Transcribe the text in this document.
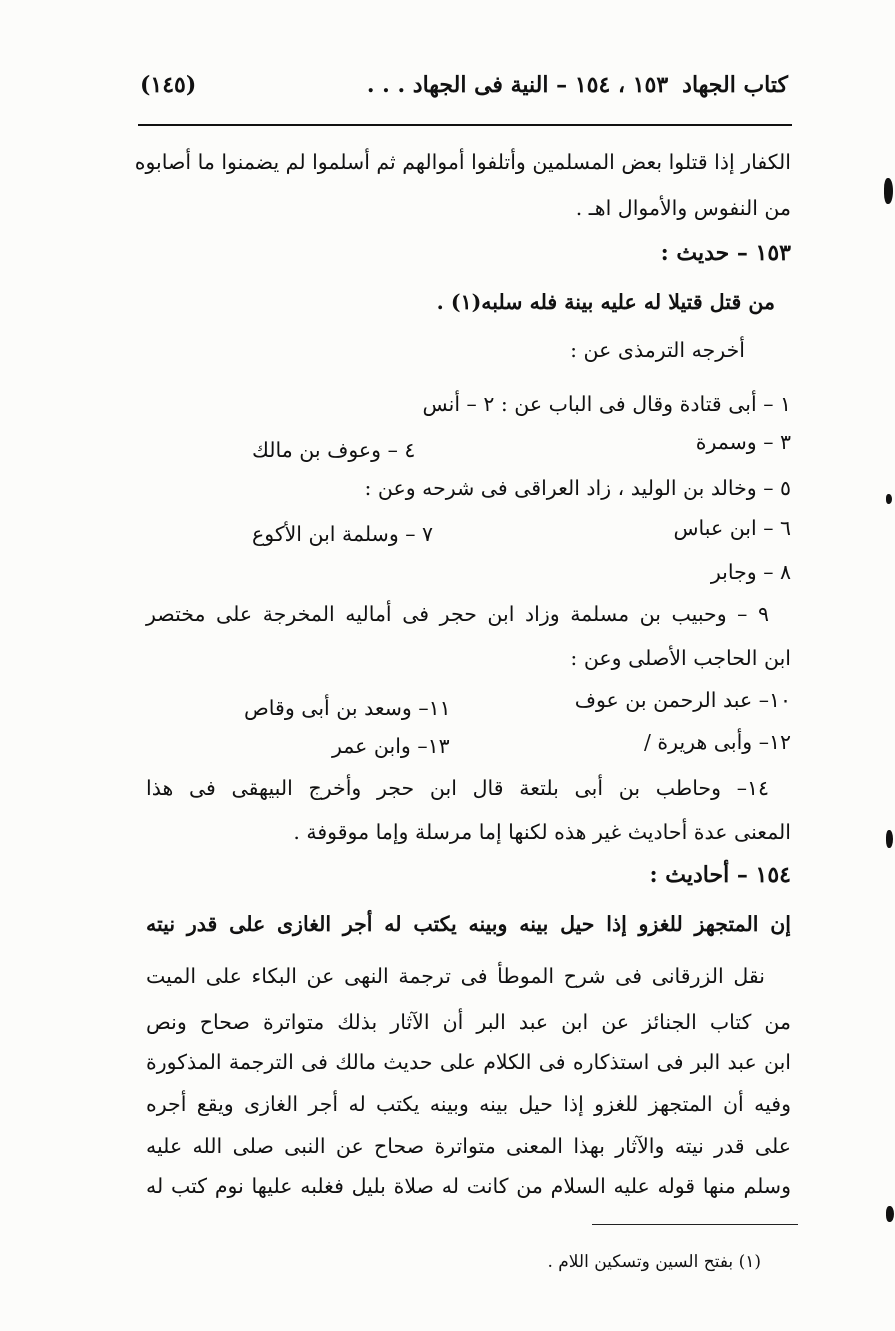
كتاب الجهاد
١٥٣ ، ١٥٤ – النية فى الجهاد . . .
(١٤٥)
الكفار إذا قتلوا بعض المسلمين وأتلفوا أموالهم ثم أسلموا لم يضمنوا ما أصابوه
من النفوس والأموال اهـ .
١٥٣ – حديث :
من قتل قتيلا له عليه بينة فله سلبه(١) .
أخرجه الترمذى عن :
١ – أبى قتادة وقال فى الباب عن : ٢ – أنس
٣ – وسمرة
٤ – وعوف بن مالك
٥ – وخالد بن الوليد ، زاد العراقى فى شرحه وعن :
٦ – ابن عباس
٧ – وسلمة ابن الأكوع
٨ – وجابر
٩ – وحبيب بن مسلمة وزاد ابن حجر فى أماليه المخرجة على مختصر
ابن الحاجب الأصلى وعن :
١٠– عبد الرحمن بن عوف
١١– وسعد بن أبى وقاص
١٢– وأبى هريرة /
١٣– وابن عمر
١٤– وحاطب بن أبى بلتعة قال ابن حجر وأخرج البيهقى فى هذا
المعنى عدة أحاديث غير هذه لكنها إما مرسلة وإما موقوفة .
١٥٤ – أحاديث :
إن المتجهز للغزو إذا حيل بينه وبينه يكتب له أجر الغازى على قدر نيته
نقل الزرقانى فى شرح الموطأ فى ترجمة النهى عن البكاء على الميت
من كتاب الجنائز عن ابن عبد البر أن الآثار بذلك متواترة صحاح ونص
ابن عبد البر فى استذكاره فى الكلام على حديث مالك فى الترجمة المذكورة
وفيه أن المتجهز للغزو إذا حيل بينه وبينه يكتب له أجر الغازى ويقع أجره
على قدر نيته والآثار بهذا المعنى متواترة صحاح عن النبى صلى الله عليه
وسلم منها قوله عليه السلام من كانت له صلاة بليل فغلبه عليها نوم كتب له
(١) بفتح السين وتسكين اللام .
